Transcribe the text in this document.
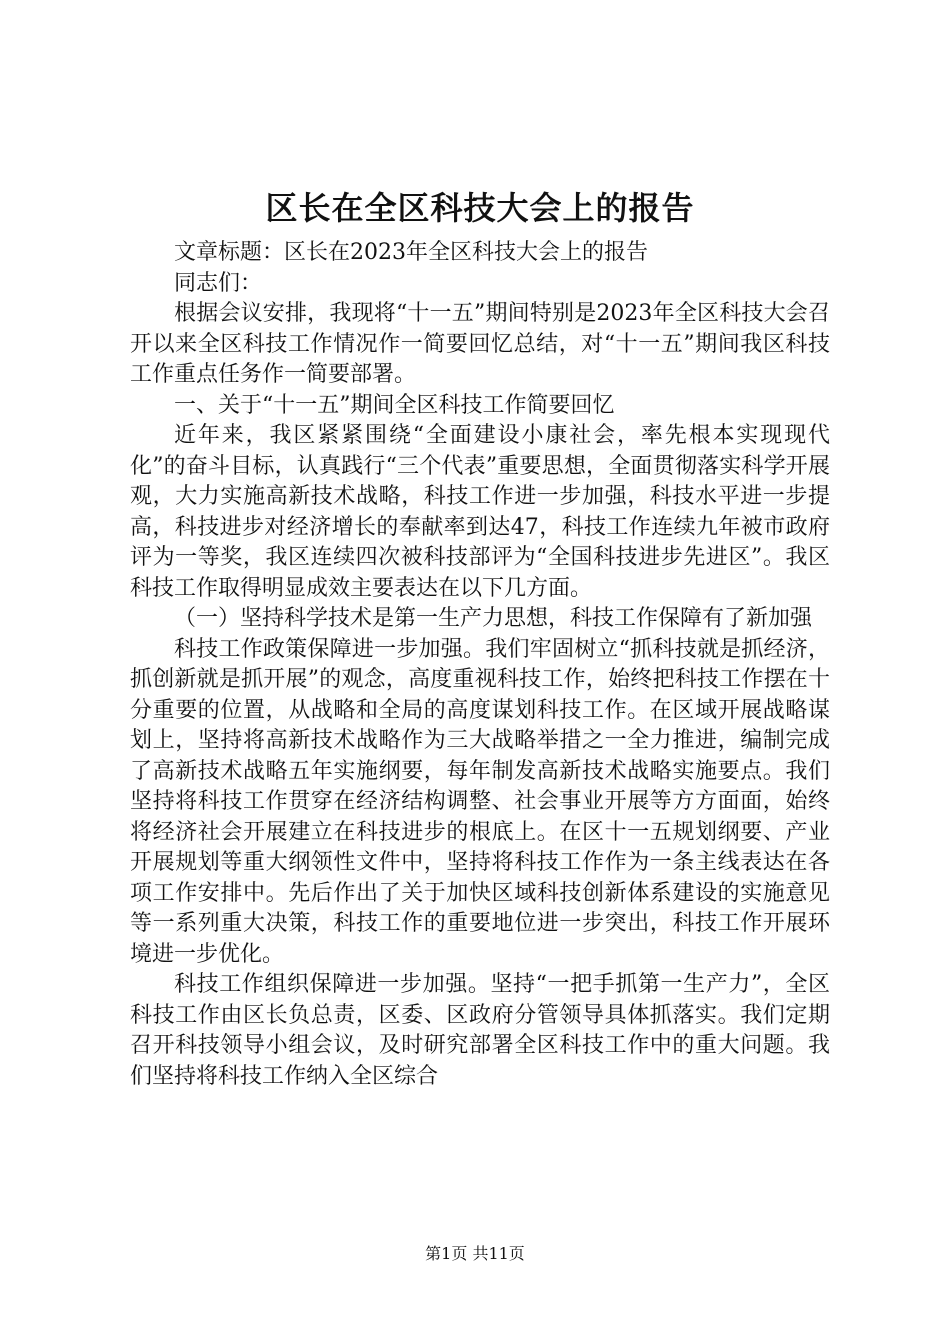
区长在全区科技大会上的报告

文章标题：区长在2023年全区科技大会上的报告

同志们：

根据会议安排，我现将“十一五”期间特别是2023年全区科技大会召开以来全区科技工作情况作一简要回忆总结，对“十一五”期间我区科技工作重点任务作一简要部署。

一、关于“十一五”期间全区科技工作简要回忆

近年来，我区紧紧围绕“全面建设小康社会，率先根本实现现代化”的奋斗目标，认真践行“三个代表”重要思想，全面贯彻落实科学开展观，大力实施高新技术战略，科技工作进一步加强，科技水平进一步提高，科技进步对经济增长的奉献率到达47，科技工作连续九年被市政府评为一等奖，我区连续四次被科技部评为“全国科技进步先进区”。我区科技工作取得明显成效主要表达在以下几方面。

（一）坚持科学技术是第一生产力思想，科技工作保障有了新加强

科技工作政策保障进一步加强。我们牢固树立“抓科技就是抓经济，抓创新就是抓开展”的观念，高度重视科技工作，始终把科技工作摆在十分重要的位置，从战略和全局的高度谋划科技工作。在区域开展战略谋划上，坚持将高新技术战略作为三大战略举措之一全力推进，编制完成了高新技术战略五年实施纲要，每年制发高新技术战略实施要点。我们坚持将科技工作贯穿在经济结构调整、社会事业开展等方方面面，始终将经济社会开展建立在科技进步的根底上。在区十一五规划纲要、产业开展规划等重大纲领性文件中，坚持将科技工作作为一条主线表达在各项工作安排中。先后作出了关于加快区域科技创新体系建设的实施意见等一系列重大决策，科技工作的重要地位进一步突出，科技工作开展环境进一步优化。

科技工作组织保障进一步加强。坚持“一把手抓第一生产力”，全区科技工作由区长负总责，区委、区政府分管领导具体抓落实。我们定期召开科技领导小组会议，及时研究部署全区科技工作中的重大问题。我们坚持将科技工作纳入全区综合

第1页 共11页
